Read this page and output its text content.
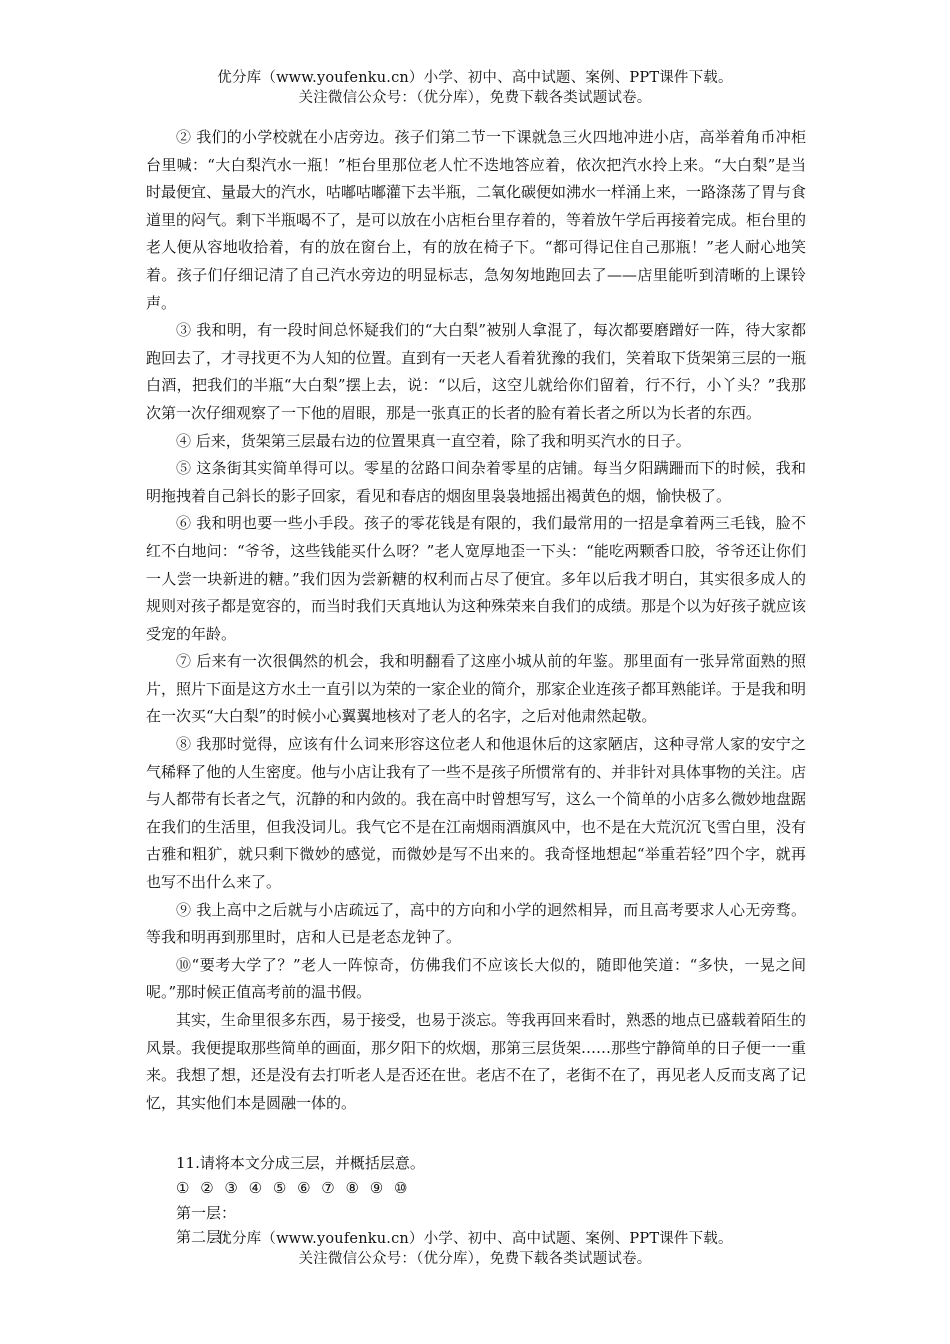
优分库（www.youfenku.cn）小学、初中、高中试题、案例、PPT课件下载。
关注微信公众号：（优分库），免费下载各类试题试卷。

② 我们的小学校就在小店旁边。孩子们第二节一下课就急三火四地冲进小店，高举着角币冲柜台里喊：“大白梨汽水一瓶！”柜台里那位老人忙不迭地答应着，依次把汽水拎上来。“大白梨”是当时最便宜、量最大的汽水，咕嘟咕嘟灌下去半瓶，二氧化碳便如沸水一样涌上来，一路涤荡了胃与食道里的闷气。剩下半瓶喝不了，是可以放在小店柜台里存着的，等着放午学后再接着完成。柜台里的老人便从容地收拾着，有的放在窗台上，有的放在椅子下。“都可得记住自己那瓶！”老人耐心地笑着。孩子们仔细记清了自己汽水旁边的明显标志，急匆匆地跑回去了——店里能听到清晰的上课铃声。

③ 我和明，有一段时间总怀疑我们的“大白梨”被别人拿混了，每次都要磨蹭好一阵，待大家都跑回去了，才寻找更不为人知的位置。直到有一天老人看着犹豫的我们，笑着取下货架第三层的一瓶白酒，把我们的半瓶“大白梨”摆上去，说：“以后，这空儿就给你们留着，行不行，小丫头？”我那次第一次仔细观察了一下他的眉眼，那是一张真正的长者的脸有着长者之所以为长者的东西。

④ 后来，货架第三层最右边的位置果真一直空着，除了我和明买汽水的日子。

⑤ 这条街其实简单得可以。零星的岔路口间杂着零星的店铺。每当夕阳蹒跚而下的时候，我和明拖拽着自己斜长的影子回家，看见和春店的烟囱里袅袅地摇出褐黄色的烟，愉快极了。

⑥ 我和明也要一些小手段。孩子的零花钱是有限的，我们最常用的一招是拿着两三毛钱，脸不红不白地问：“爷爷，这些钱能买什么呀？”老人宽厚地歪一下头：“能吃两颗香口胶，爷爷还让你们一人尝一块新进的糖。”我们因为尝新糖的权利而占尽了便宜。多年以后我才明白，其实很多成人的规则对孩子都是宽容的，而当时我们天真地认为这种殊荣来自我们的成绩。那是个以为好孩子就应该受宠的年龄。

⑦ 后来有一次很偶然的机会，我和明翻看了这座小城从前的年鉴。那里面有一张异常面熟的照片，照片下面是这方水土一直引以为荣的一家企业的简介，那家企业连孩子都耳熟能详。于是我和明在一次买“大白梨”的时候小心翼翼地核对了老人的名字，之后对他肃然起敬。

⑧ 我那时觉得，应该有什么词来形容这位老人和他退休后的这家陋店，这种寻常人家的安宁之气稀释了他的人生密度。他与小店让我有了一些不是孩子所惯常有的、并非针对具体事物的关注。店与人都带有长者之气，沉静的和内敛的。我在高中时曾想写写，这么一个简单的小店多么微妙地盘踞在我们的生活里，但我没词儿。我气它不是在江南烟雨酒旗风中，也不是在大荒沉沉飞雪白里，没有古雅和粗犷，就只剩下微妙的感觉，而微妙是写不出来的。我奇怪地想起“举重若轻”四个字，就再也写不出什么来了。

⑨ 我上高中之后就与小店疏远了，高中的方向和小学的迥然相异，而且高考要求人心无旁骛。等我和明再到那里时，店和人已是老态龙钟了。

⑩“要考大学了？”老人一阵惊奇，仿佛我们不应该长大似的，随即他笑道：“多快，一晃之间呢。”那时候正值高考前的温书假。

其实，生命里很多东西，易于接受，也易于淡忘。等我再回来看时，熟悉的地点已盛载着陌生的风景。我便提取那些简单的画面，那夕阳下的炊烟，那第三层货架……那些宁静简单的日子便一一重来。我想了想，还是没有去打听老人是否还在世。老店不在了，老街不在了，再见老人反而支离了记忆，其实他们本是圆融一体的。

11.请将本文分成三层，并概括层意。
① ② ③ ④ ⑤ ⑥ ⑦ ⑧ ⑨ ⑩
第一层：
第二层：
优分库（www.youfenku.cn）小学、初中、高中试题、案例、PPT课件下载。
关注微信公众号：（优分库），免费下载各类试题试卷。
